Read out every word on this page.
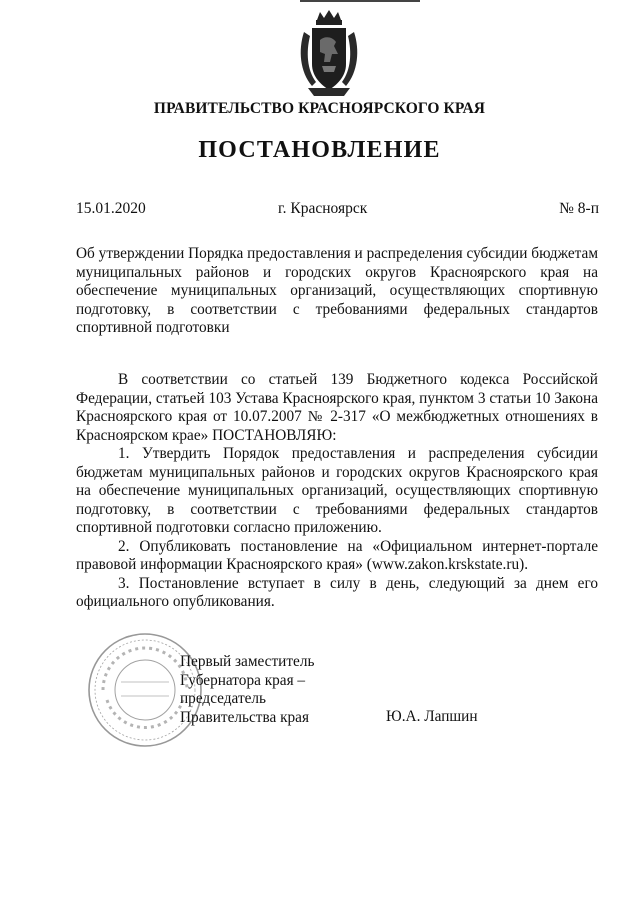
ПРАВИТЕЛЬСТВО КРАСНОЯРСКОГО КРАЯ
ПОСТАНОВЛЕНИЕ
15.01.2020	г. Красноярск	№ 8-п
Об утверждении Порядка предоставления и распределения субсидии бюджетам муниципальных районов и городских округов Красноярского края на обеспечение муниципальных организаций, осуществляющих спортивную подготовку, в соответствии с требованиями федеральных стандартов спортивной подготовки

В соответствии со статьей 139 Бюджетного кодекса Российской Федерации, статьей 103 Устава Красноярского края, пунктом 3 статьи 10 Закона Красноярского края от 10.07.2007 № 2-317 «О межбюджетных отношениях в Красноярском крае» ПОСТАНОВЛЯЮ:

1. Утвердить Порядок предоставления и распределения субсидии бюджетам муниципальных районов и городских округов Красноярского края на обеспечение муниципальных организаций, осуществляющих спортивную подготовку, в соответствии с требованиями федеральных стандартов спортивной подготовки согласно приложению.

2. Опубликовать постановление на «Официальном интернет-портале правовой информации Красноярского края» (www.zakon.krskstate.ru).

3. Постановление вступает в силу в день, следующий за днем его официального опубликования.

Первый заместитель
Губернатора края –
председатель
Правительства края	Ю.А. Лапшин
